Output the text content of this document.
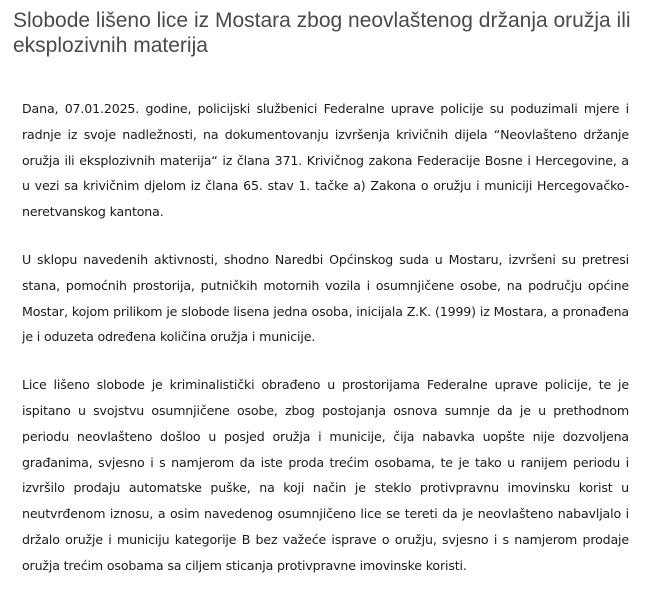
Slobode lišeno lice iz Mostara zbog neovlaštenog držanja oružja ili eksplozivnih materija

Dana, 07.01.2025. godine, policijski službenici Federalne uprave policije su poduzimali mjere i radnje iz svoje nadležnosti, na dokumentovanju izvršenja krivičnih dijela “Neovlašteno držanje oružja ili eksplozivnih materija“ iz člana 371. Krivičnog zakona Federacije Bosne i Hercegovine, a u vezi sa krivičnim djelom iz člana 65. stav 1. tačke a) Zakona o oružju i municiji Hercegovačko-neretvanskog kantona.

U sklopu navedenih aktivnosti, shodno Naredbi Općinskog suda u Mostaru, izvršeni su pretresi stana, pomoćnih prostorija, putničkih motornih vozila i osumnjičene osobe, na području općine Mostar, kojom prilikom je slobode lisena jedna osoba, inicijala Z.K. (1999) iz Mostara, a pronađena je i oduzeta određena količina oružja i municije.

Lice lišeno slobode je kriminalistički obrađeno u prostorijama Federalne uprave policije, te je ispitano u svojstvu osumnjičene osobe, zbog postojanja osnova sumnje da je u prethodnom periodu neovlašteno došloo u posjed oružja i municije, čija nabavka uopšte nije dozvoljena građanima, svjesno i s namjerom da iste proda trećim osobama, te je tako u ranijem periodu i izvršilo prodaju automatske puške, na koji način je steklo protivpravnu imovinsku korist u neutvrđenom iznosu, a osim navedenog osumnjičeno lice se tereti da je neovlašteno nabavljalo i držalo oružje i municiju kategorije B bez važeće isprave o oružju, svjesno i s namjerom prodaje oružja trećim osobama sa ciljem sticanja protivpravne imovinske koristi.
